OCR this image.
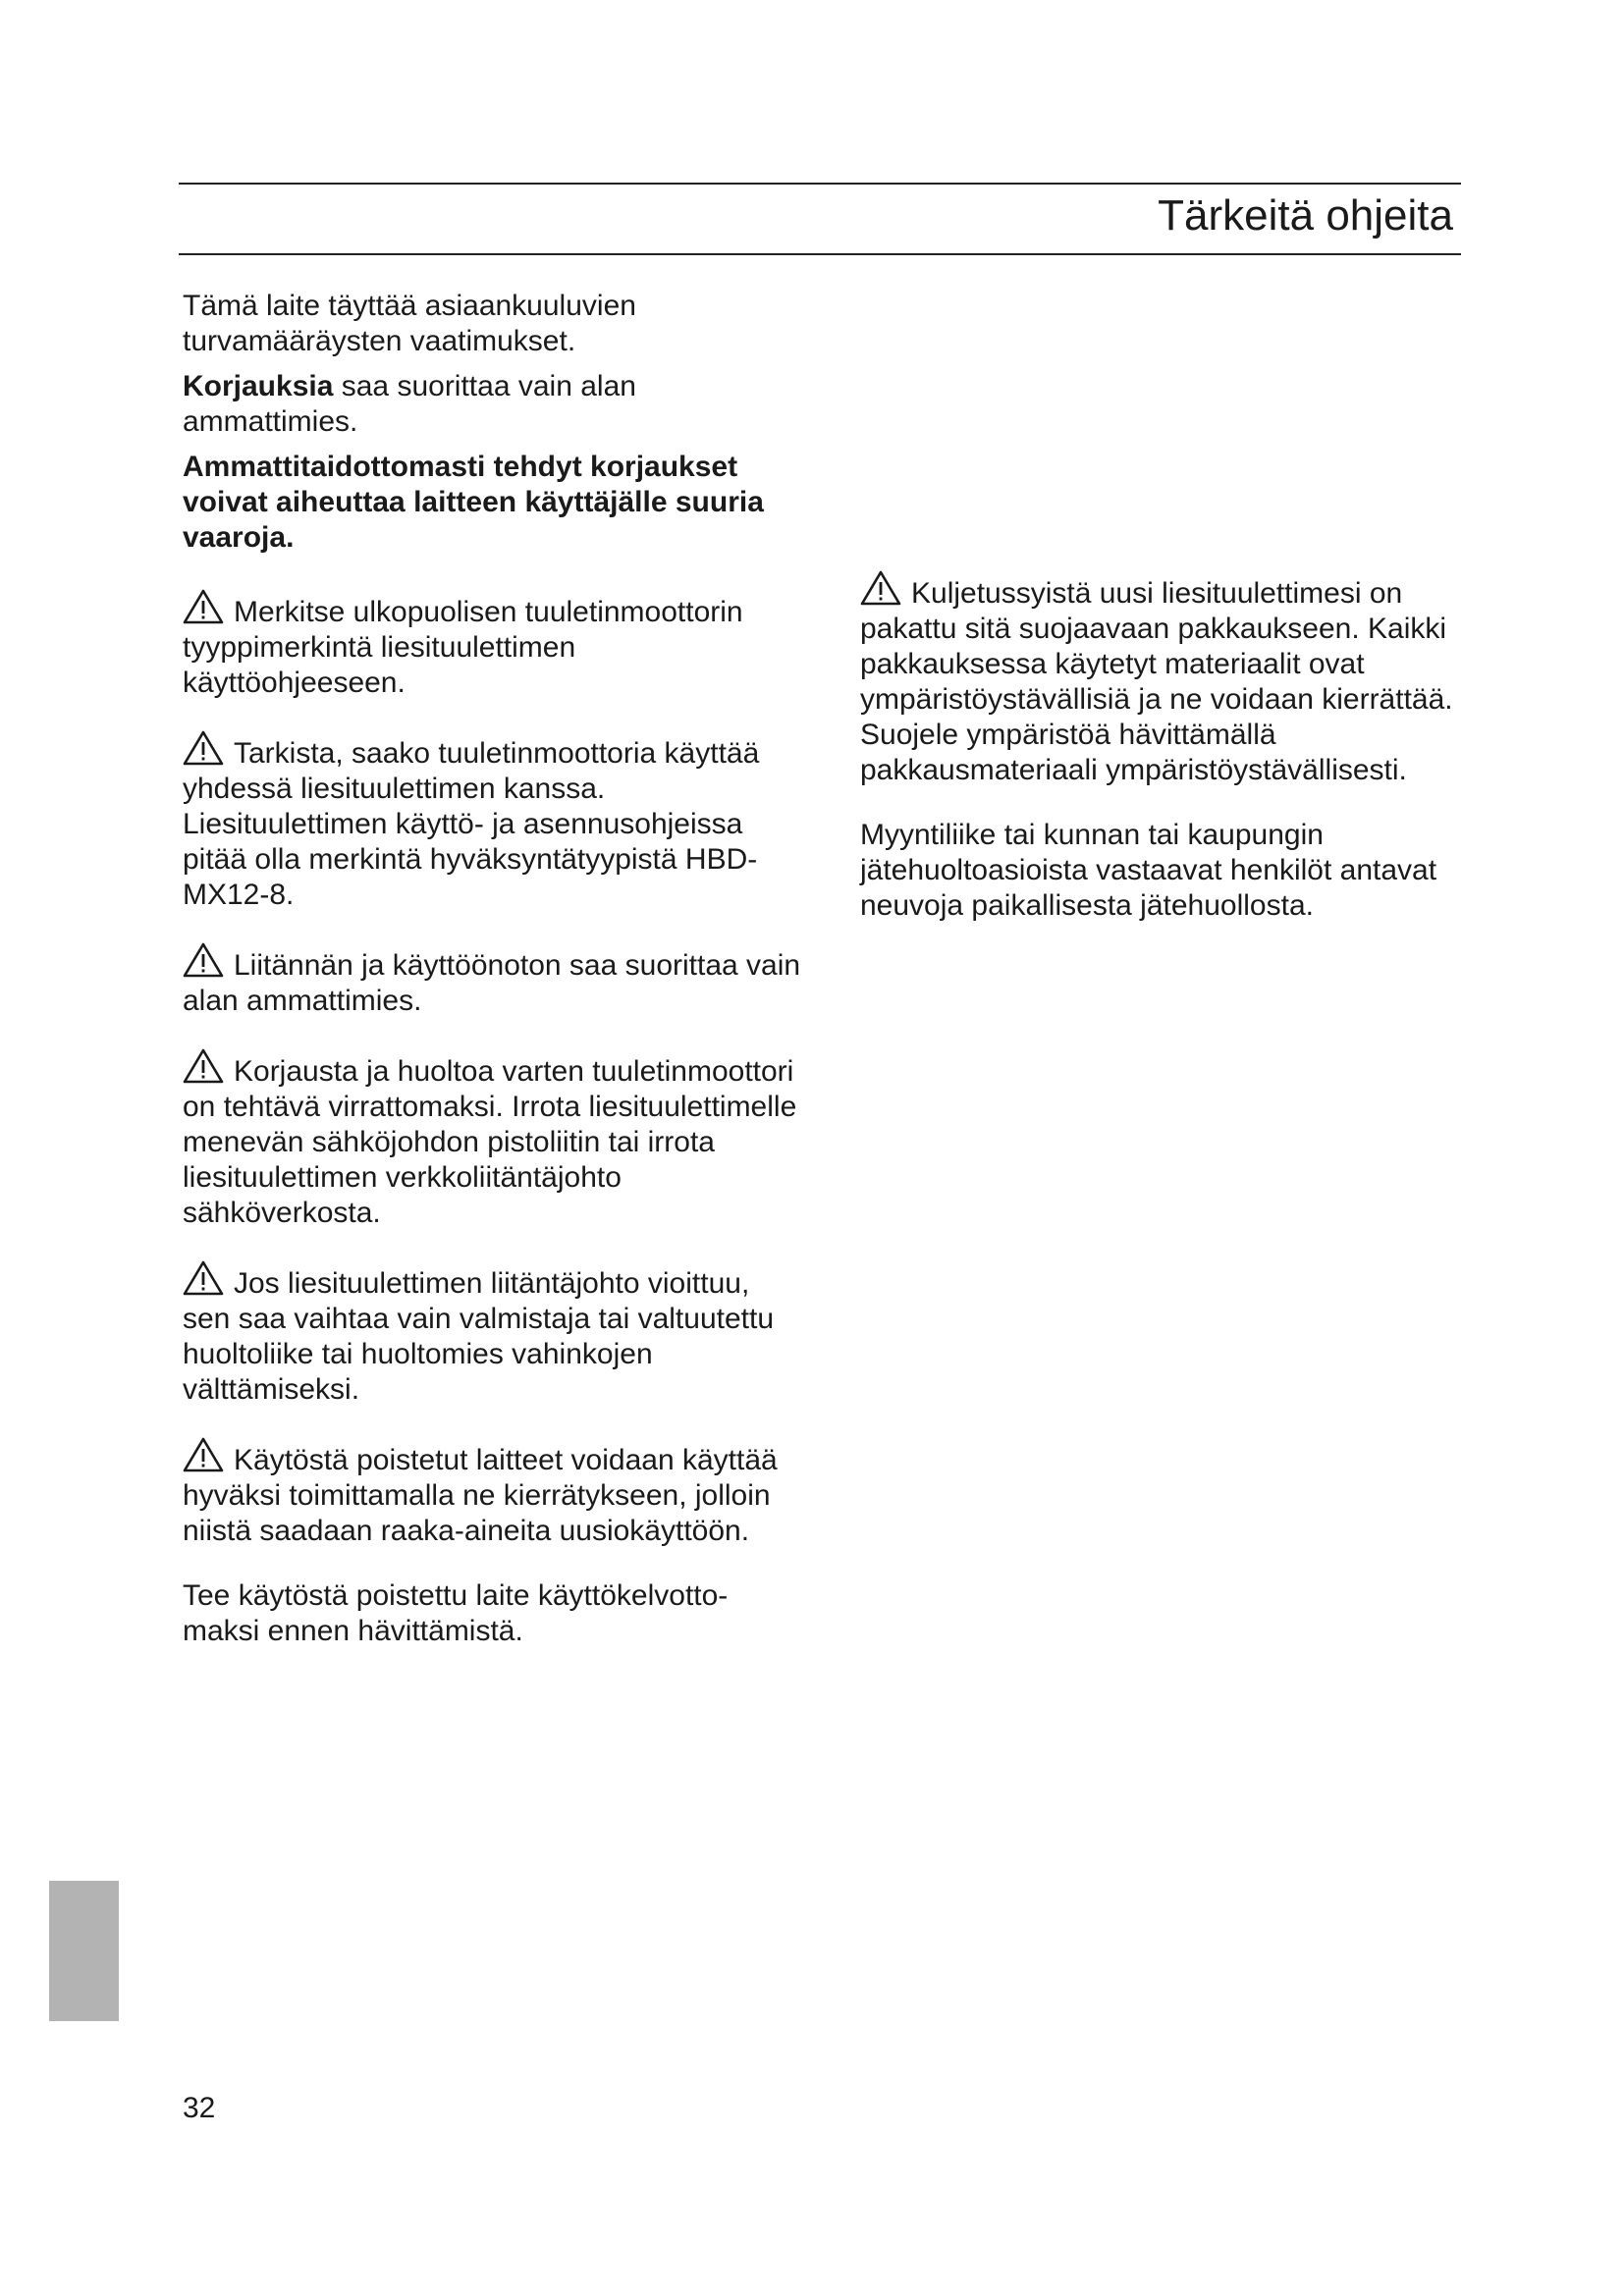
Tärkeitä ohjeita

Tämä laite täyttää asiaankuuluvien turvamääräysten vaatimukset.

Korjauksia saa suorittaa vain alan ammattimies.

Ammattitaidottomasti tehdyt korjaukset voivat aiheuttaa laitteen käyttäjälle suuria vaaroja.

Merkitse ulkopuolisen tuuletinmoottorin tyyppimerkintä liesituulettimen käyttöohjeeseen.

Tarkista, saako tuuletinmoottoria käyttää yhdessä liesituulettimen kanssa. Liesituulettimen käyttö- ja asennusohjeissa pitää olla merkintä hyväksyntätyypistä HBD-MX12-8.

Liitännän ja käyttöönoton saa suorittaa vain alan ammattimies.

Korjausta ja huoltoa varten tuuletinmoottori on tehtävä virrattomaksi. Irrota liesituulettimelle menevän sähköjohdon pistoliitin tai irrota liesituulettimen verkkoliitäntäjohto sähköverkosta.

Jos liesituulettimen liitäntäjohto vioittuu, sen saa vaihtaa vain valmistaja tai valtuutettu huoltoliike tai huoltomies vahinkojen välttämiseksi.

Käytöstä poistetut laitteet voidaan käyttää hyväksi toimittamalla ne kierrätykseen, jolloin niistä saadaan raaka-aineita uusiokäyttöön.

Tee käytöstä poistettu laite käyttökelvotto-maksi ennen hävittämistä.

Kuljetussyistä uusi liesituulettimesi on pakattu sitä suojaavaan pakkaukseen. Kaikki pakkauksessa käytetyt materiaalit ovat ympäristöystävällisiä ja ne voidaan kierrättää. Suojele ympäristöä hävittämällä pakkausmateriaali ympäristöystävällisesti.

Myyntiliike tai kunnan tai kaupungin jätehuoltoasioista vastaavat henkilöt antavat neuvoja paikallisesta jätehuollosta.

32
